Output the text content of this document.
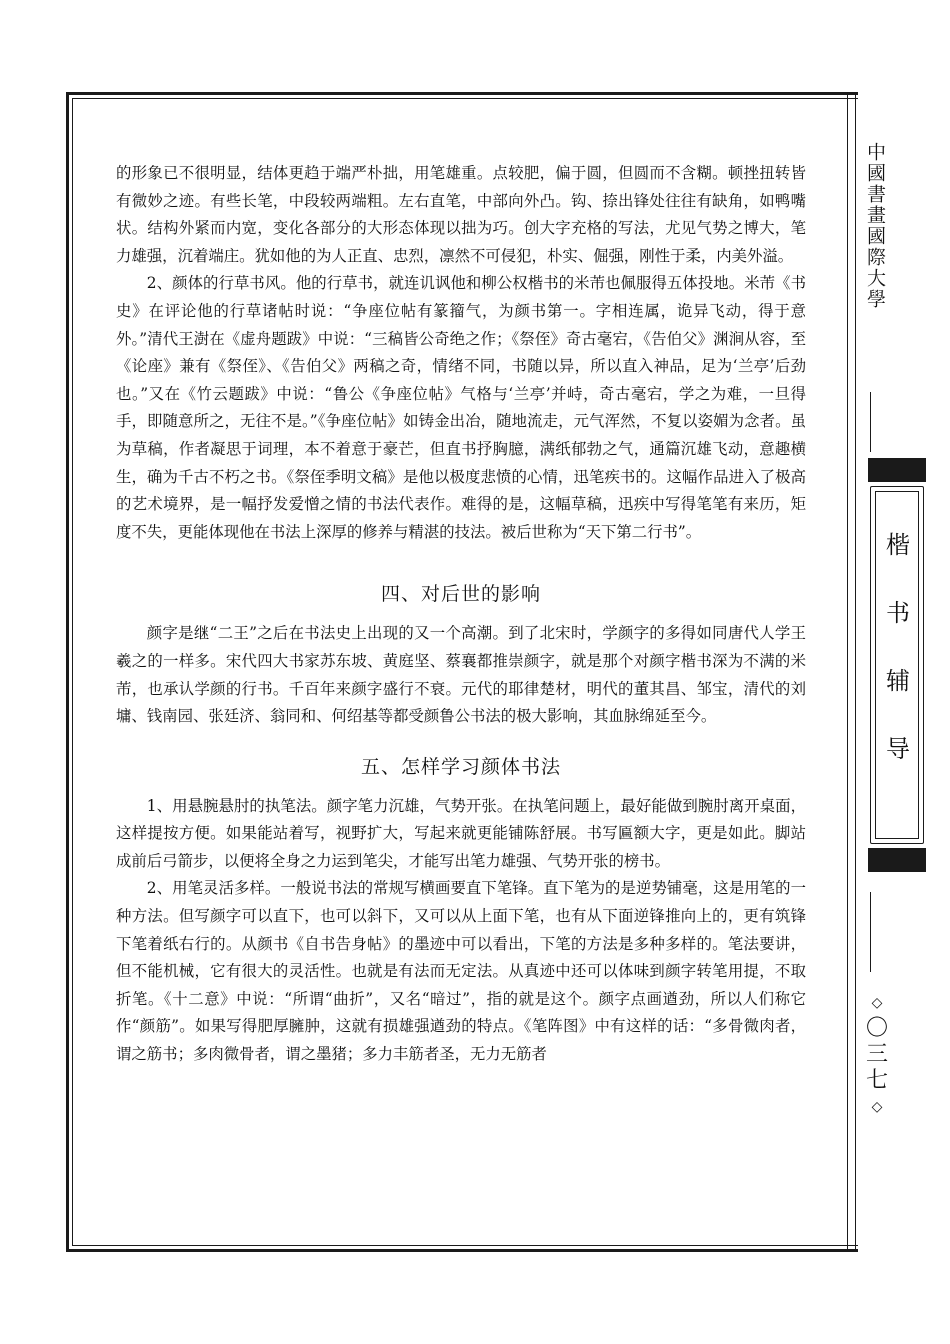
中國書畫國際大學
楷
书
辅
导
◇
〇
三
七
◇

的形象已不很明显，结体更趋于端严朴拙，用笔雄重。点较肥，偏于圆，但圆而不含糊。顿挫扭转皆有微妙之迹。有些长笔，中段较两端粗。左右直笔，中部向外凸。钩、捺出锋处往往有缺角，如鸭嘴状。结构外紧而内宽，变化各部分的大形态体现以拙为巧。创大字充格的写法，尤见气势之博大，笔力雄强，沉着端庄。犹如他的为人正直、忠烈，凛然不可侵犯，朴实、倔强，刚性于柔，内美外溢。

2、颜体的行草书风。他的行草书，就连讥讽他和柳公权楷书的米芾也佩服得五体投地。米芾《书史》在评论他的行草诸帖时说：“争座位帖有篆籀气，为颜书第一。字相连属，诡异飞动，得于意外。”清代王澍在《虚舟题跋》中说：“三稿皆公奇绝之作；《祭侄》奇古毫宕，《告伯父》渊涧从容，至《论座》兼有《祭侄》、《告伯父》两稿之奇，情绪不同，书随以异，所以直入神品，足为‘兰亭’后劲也。”又在《竹云题跋》中说：“鲁公《争座位帖》气格与‘兰亭’并峙，奇古毫宕，学之为难，一旦得手，即随意所之，无往不是。”《争座位帖》如铸金出冶，随地流走，元气浑然，不复以姿媚为念者。虽为草稿，作者凝思于词理，本不着意于豪芒，但直书抒胸臆，满纸郁勃之气，通篇沉雄飞动，意趣横生，确为千古不朽之书。《祭侄季明文稿》是他以极度悲愤的心情，迅笔疾书的。这幅作品进入了极高的艺术境界，是一幅抒发爱憎之情的书法代表作。难得的是，这幅草稿，迅疾中写得笔笔有来历，矩度不失，更能体现他在书法上深厚的修养与精湛的技法。被后世称为“天下第二行书”。

四、对后世的影响

颜字是继“二王”之后在书法史上出现的又一个高潮。到了北宋时，学颜字的多得如同唐代人学王羲之的一样多。宋代四大书家苏东坡、黄庭坚、蔡襄都推崇颜字，就是那个对颜字楷书深为不满的米芾，也承认学颜的行书。千百年来颜字盛行不衰。元代的耶律楚材，明代的董其昌、邹宝，清代的刘墉、钱南园、张廷济、翁同和、何绍基等都受颜鲁公书法的极大影响，其血脉绵延至今。

五、怎样学习颜体书法

1、用悬腕悬肘的执笔法。颜字笔力沉雄，气势开张。在执笔问题上，最好能做到腕肘离开桌面，这样提按方便。如果能站着写，视野扩大，写起来就更能铺陈舒展。书写匾额大字，更是如此。脚站成前后弓箭步，以便将全身之力运到笔尖，才能写出笔力雄强、气势开张的榜书。

2、用笔灵活多样。一般说书法的常规写横画要直下笔锋。直下笔为的是逆势铺毫，这是用笔的一种方法。但写颜字可以直下，也可以斜下，又可以从上面下笔，也有从下面逆锋推向上的，更有筑锋下笔着纸右行的。从颜书《自书告身帖》的墨迹中可以看出，下笔的方法是多种多样的。笔法要讲，但不能机械，它有很大的灵活性。也就是有法而无定法。从真迹中还可以体味到颜字转笔用提，不取折笔。《十二意》中说：“所谓“曲折”，又名“暗过”，指的就是这个。颜字点画遒劲，所以人们称它作“颜筋”。如果写得肥厚臃肿，这就有损雄强遒劲的特点。《笔阵图》中有这样的话：“多骨微肉者，谓之筋书；多肉微骨者，谓之墨猪；多力丰筋者圣，无力无筋者
